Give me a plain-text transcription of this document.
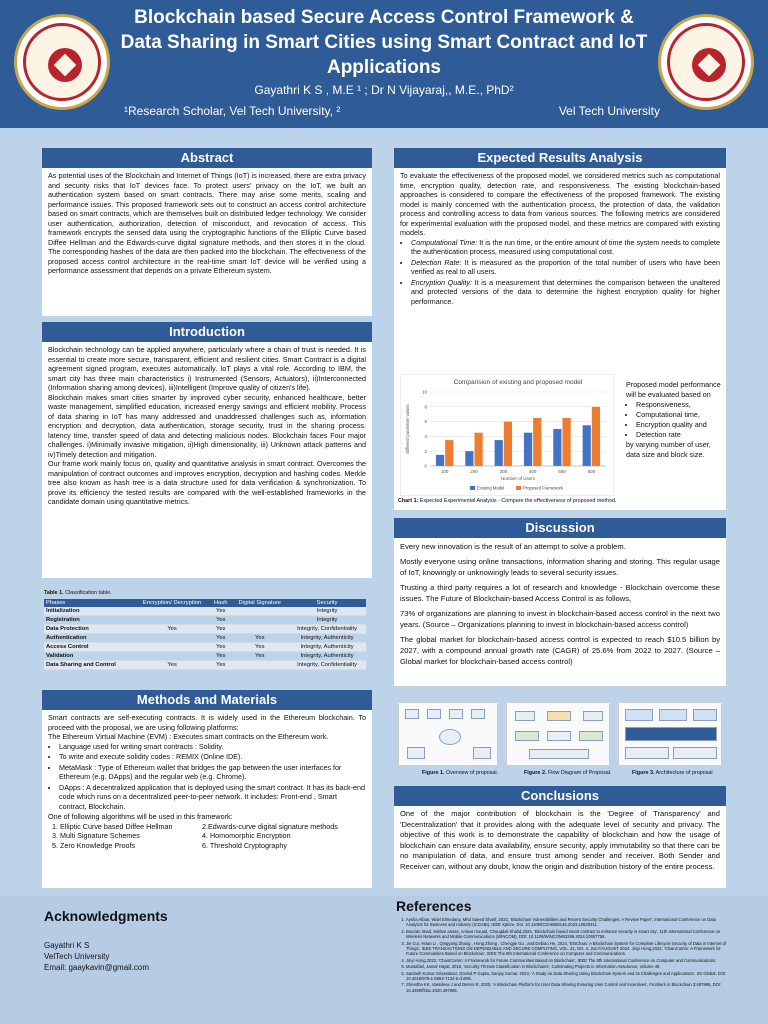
Blockchain based Secure Access Control Framework & Data Sharing in Smart Cities using Smart Contract and IoT Applications
Gayathri K S , M.E ¹ ; Dr N Vijayaraj,, M.E., PhD²
¹Research Scholar, Vel Tech University, ²	Vel Tech University
Abstract
As potential uses of the Blockchain and Internet of Things (IoT) is increased, there are extra privacy and security risks that IoT devices face. To protect users' privacy on the IoT, we built an authentication system based on smart contracts. There may arise some merits, scaling and performance issues. This proposed framework sets out to construct an access control architecture based on smart contracts, which are themselves built on distributed ledger technology. We consider user authentication, authorization, detection of misconduct, and revocation of access. This framework encrypts the sensed data using the cryptographic functions of the Elliptic Curve based Diffee Hellman and the Edwards-curve digital signature methods, and then stores it in the cloud. The corresponding hashes of the data are then packed into the blockchain. The effectiveness of the proposed access control architecture in the real-time smart IoT device will be verified using a performance assessment that depends on a private Ethereum system.
Introduction

Blockchain technology can be applied anywhere, particularly where a chain of trust is needed. It is essential to create more secure, transparent, efficient and resilient cities. Smart Contract is a digital agreement signed program, executes automatically. IoT plays a vital role. According to IBM, the smart city has three main characteristics i) Instrumented (Sensors, Actuators), ii)Interconnected (Information sharing among devices), iii)Intelligent (Improve quality of citizen's life).

Blockchain makes smart cities smarter by improved cyber security, enhanced healthcare, better waste management, simplified education, increased energy savings and efficient mobility. Process of data sharing in IoT has many addressed and unaddressed challenges such as, information encryption and decryption, data authentication, storage security, trust in the sharing process. latency time, transfer speed of data and detecting malicious nodes. Blockchain faces Four major challenges. i)Minimally invasive mitigation, ii)High dimensionality, iii) Unknown attack patterns and iv)Timely detection and mitigation.

Our frame work mainly focus on, quality and quantitative analysis in smart contract. Overcomes the manipulation of contract outcomes and improves encryption, decryption and hashing codes. Merkle tree also known as hash tree is a data structure used for data verification & synchronization. To prove its efficiency the tested results are compared with the well-established frameworks in the candidate domain using quantitative metrics.

Table 1. Classification table.
Phases	Encryption/ Decryption	Hash	Digital Signature	Security
Initialization		Yes		Integrity
Registration		Yes		Integrity
Data Protection	Yes	Yes		Integrity, Confidentiality
Authentication		Yes	Yes	Integrity, Authenticity
Access Control		Yes	Yes	Integrity, Authenticity
Validation		Yes	Yes	Integrity, Authenticity
Data Sharing and Control	Yes	Yes		Integrity, Confidentiality
Methods and Materials

Smart contracts are self-executing contracts. It is widely used in the Ethereum blockchain. To proceed with the proposal, we are using following platforms:

The Ethereum Virtual Machine (EVM) : Executes smart contracts on the Ethereum work.

• Language used for writing smart contracts : Solidity.
• To write and execute solidity codes : REMIX (Online IDE).
• MetaMask : Type of Ethereum wallet that bridges the gap between the user interfaces for Ethereum (e.g. DApps) and the regular web (e.g. Chrome).
• DApps : A decentralized application that is deployed using the smart contract. It has its back-end code which runs on a decentralized peer-to-peer network. It includes: Front-end , Smart contract, Blockchain.

One of following algorithms will be used in this framework:

1. Elliptic Curve based Diffee Hellman	2.Edwards-curve digital signature methods
3. Multi Signature Schemes	4. Homomorphic Encryption
5. Zero Knowledge Proofs	6. Threshold Cryptography
Expected Results Analysis

To evaluate the effectiveness of the proposed model, we considered metrics such as computational time, encryption quality, detection rate, and responsiveness. The existing blockchain-based approaches is considered to compare the effectiveness of the proposed framework. The existing model is mainly concerned with the authentication process, the protection of data, the validation process and controlling access to data from various sources. The following metrics are considered for experimental evaluation with the proposed model, and these metrics are compared with existing models.

• Computational Time: It is the run time, or the entire amount of time the system needs to complete the authentication process, measured using computational cost.
• Detection Rate: It is measured as the proportion of the total number of users who have been verified as real to all users.
• Encryption Quality: It is a measurement that determines the comparison between the unaltered and protected versions of the data to determine the highest encryption quality for higher performance.
Comparision of existing and proposed model
0
2
4
6
8
10
Different parameter values
100	200	300	400	500	600
Number of Users
Existing Model	Proposed Framework

Proposed model performance will be evaluated based on

• Responsiveness,
• Computational time,
• Encryption quality and
• Detection rate

by varying number of user, data size and block size.

Chart 1: Expected Experimental Analysis - Compare the effectiveness of proposed method.
Discussion

Every new innovation is the result of an attempt to solve a problem.

Mostly everyone using online transactions, information sharing and storing. This regular usage of IoT, knowingly or unknowingly leads to several security issues.

Trusting a third party requires a lot of research and knowledge - Blockchain overcome these issues. The Future of Blockchain-based Access Control is as follows,

73% of organizations are planning to invest in blockchain-based access control in the next two years. (Source – Organizations planning to invest in blockchain-based access control)

The global market for blockchain-based access control is expected to reach $10.5 billion by 2027, with a compound annual growth rate (CAGR) of 25.6% from 2022 to 2027. (Source – Global market for blockchain-based access control)

Figure 1. Overview of proposal.	Figure 2. Flow Diagram of Proposal.	Figure 3. Architecture of proposal
Conclusions
One of the major contribution of blockchain is the 'Degree of Transparency' and 'Decentralization' that it provides along with the adequate level of security and privacy. The objective of this work is to demonstrate the capability of blockchain and how the usage of blockchain can ensure data availability, ensure security, apply immutability so that there can be no manipulation of data, and ensure trust among sender and receiver. Both Sender and Receiver can, without any doubt, know the origin and distribution history of the entire process.
Acknowledgments
Gayathri K S
VelTech University
Email: gaaykavin@gmail.com
References
1. Aysha Alfaar, Wael Elmedany, Mhd Saeed Sharif, 2023, 'Blockchain Vulnerabilities and Recent Security Challenges: A Review Paper', International Conference on Data Analytics for Business and Industry (ICDABI), IEEE Xplore, Doi: 10.1109/ICDABI60145.2023.10629311.
2. Bourian Imad, Sekkar anass, Anisus mouad, Chougdali Khalid,2024, 'Blockchain based smart contract to enhance security in smart city', 11th International Conference on Wireless Networks and Mobile Communications (WINCOM), DOI: 10.1109/WINCOM62286.2024.10657758.
3. Jie Cui, Yetao Li , Qingyang Zhang , Hong Zhong , Chengjie Gu , and Debiao He, 2024, 'EtsChain: A Blockchain System for Complete Lifecycle Security of Data in Internet of Things', IEEE TRANSACTIONS ON DEPENDABLE AND SECURE COMPUTING, VOL. 21, NO. 4, JULY/AUGUST 2024. Jinyi Hong,2022, 'ChainComm: A Framework for Future Communities Based on Blockchain', IEEE The 8th International Conference on Computer and Communications.
4. Jinyi Hong,2022, 'ChainComm: A Framework for Future Communities Based on Blockchain', IEEE The 8th International Conference on Computer and Communications.
5. Mustafasl, Jamal Hayat, 2018, 'Security Threats Classification in Blockchains', Culminating Projects in Information Assurance, Volume 48.
6. Santosh Kumar Srivastava!, Govind P Gupta, Sanjay Kumar, 2023, 'A Study on Data Sharing Using Blockchain System and its Challenges and Applications', IGI Global, DOI: 10.4018/978-1-6684-7132-6.ch006.
7. Shrestha KK, Vassileva J and Deters R, 2020, 'A Blockchain Platform for User Data Sharing Ensuring User Control and Incentives', Frontiers in Blockchain 3:497985, DOI: 10.3389/fbloc.2020.497985.
